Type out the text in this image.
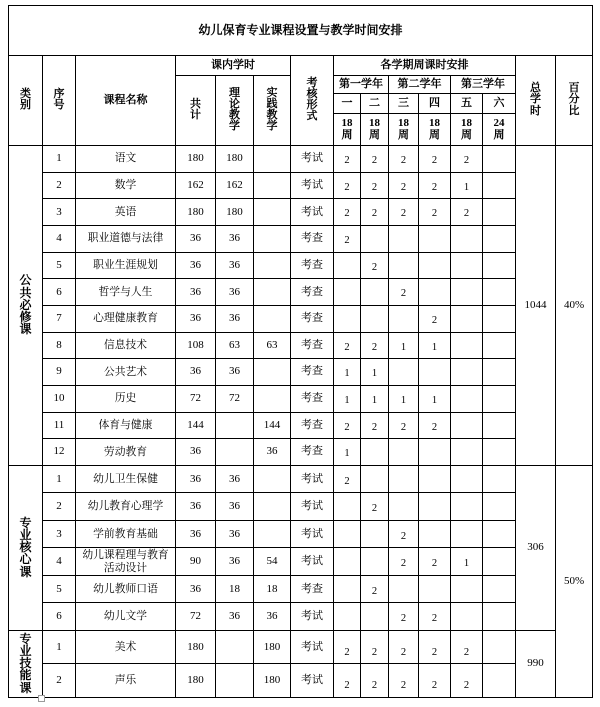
幼儿保育专业课程设置与教学时间安排														
类别	序号	课程名称	课内学时			考核形式	各学期周课时安排						总学时	百分比
			共计	理论教学	实践教学		第一学年		第二学年		第三学年			
							一	二	三	四	五	六		
							18周	18周	18周	18周	18周	24周		
公共必修课	1	语文	180	180		考试	2	2	2	2	2		1044	40%
	2	数学	162	162		考试	2	2	2	2	1			
	3	英语	180	180		考试	2	2	2	2	2			
	4	职业道德与法律	36	36		考查	2							
	5	职业生涯规划	36	36		考查		2						
	6	哲学与人生	36	36		考查			2					
	7	心理健康教育	36	36		考查				2				
	8	信息技术	108	63	63	考查	2	2	1	1				
	9	公共艺术	36	36		考查	1	1						
	10	历史	72	72		考查	1	1	1	1				
	11	体育与健康	144		144	考查	2	2	2	2				
	12	劳动教育	36		36	考查	1							
专业核心课	1	幼儿卫生保健	36	36		考试	2						306	50%
	2	幼儿教育心理学	36	36		考试		2						
	3	学前教育基础	36	36		考试			2					
	4	幼儿课程理与教育活动设计	90	36	54	考试			2	2	1			
	5	幼儿教师口语	36	18	18	考查		2						
	6	幼儿文学	72	36	36	考试			2	2				
专业技能课	1	美术	180		180	考试	2	2	2	2	2		990	
	2	声乐	180		180	考试	2	2	2	2	2			
